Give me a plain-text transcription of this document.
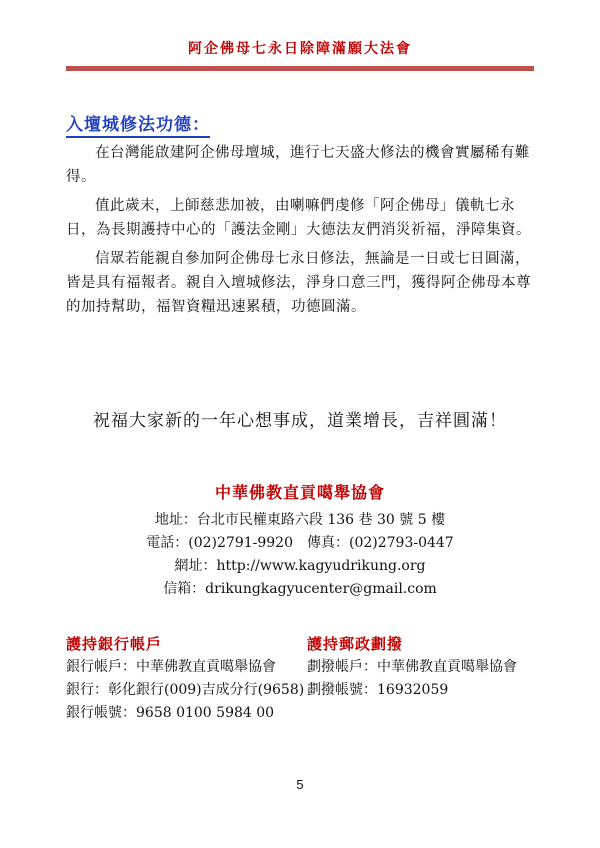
阿企佛母七永日除障滿願大法會
入壇城修法功德：

在台灣能啟建阿企佛母壇城，進行七天盛大修法的機會實屬稀有難得。

值此歲末，上師慈悲加被，由喇嘛們虔修「阿企佛母」儀軌七永日，為長期護持中心的「護法金剛」大德法友們消災祈福，淨障集資。

信眾若能親自參加阿企佛母七永日修法，無論是一日或七日圓滿，皆是具有福報者。親自入壇城修法，淨身口意三門，獲得阿企佛母本尊的加持幫助，福智資糧迅速累積，功德圓滿。

祝福大家新的一年心想事成，道業增長，吉祥圓滿！
中華佛教直貢噶舉協會
地址：台北市民權東路六段 136 巷 30 號 5 樓
電話：(02)2791-9920　傳真：(02)2793-0447
網址：http://www.kagyudrikung.org
信箱：drikungkagyucenter@gmail.com
護持銀行帳戶
銀行帳戶：中華佛教直貢噶舉協會
銀行：彰化銀行(009)吉成分行(9658)
銀行帳號：9658 0100 5984 00
護持郵政劃撥
劃撥帳戶：中華佛教直貢噶舉協會
劃撥帳號：16932059
5
